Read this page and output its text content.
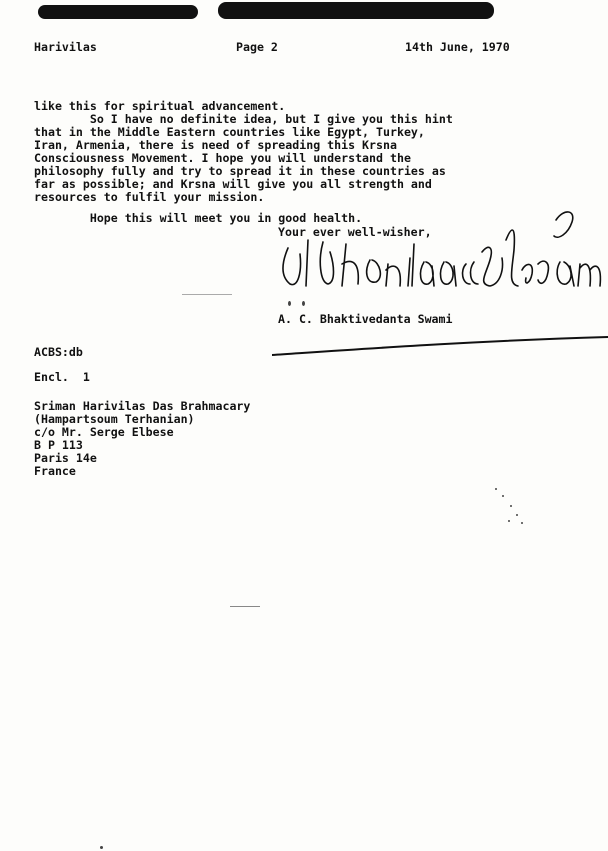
Harivilas	Page 2	14th June, 1970
like this for spiritual advancement.
So I have no definite idea, but I give you this hint
that in the Middle Eastern countries like Egypt, Turkey,
Iran, Armenia, there is need of spreading this Krsna
Consciousness Movement. I hope you will understand the
philosophy fully and try to spread it in these countries as
far as possible; and Krsna will give you all strength and
resources to fulfil your mission.
Hope this will meet you in good health.
Your ever well-wisher,
A. C. Bhaktivedanta Swami
ACBS:db
Encl.  1
Sriman Harivilas Das Brahmacary
(Hampartsoum Terhanian)
c/o Mr. Serge Elbese
B P 113
Paris 14e
France
